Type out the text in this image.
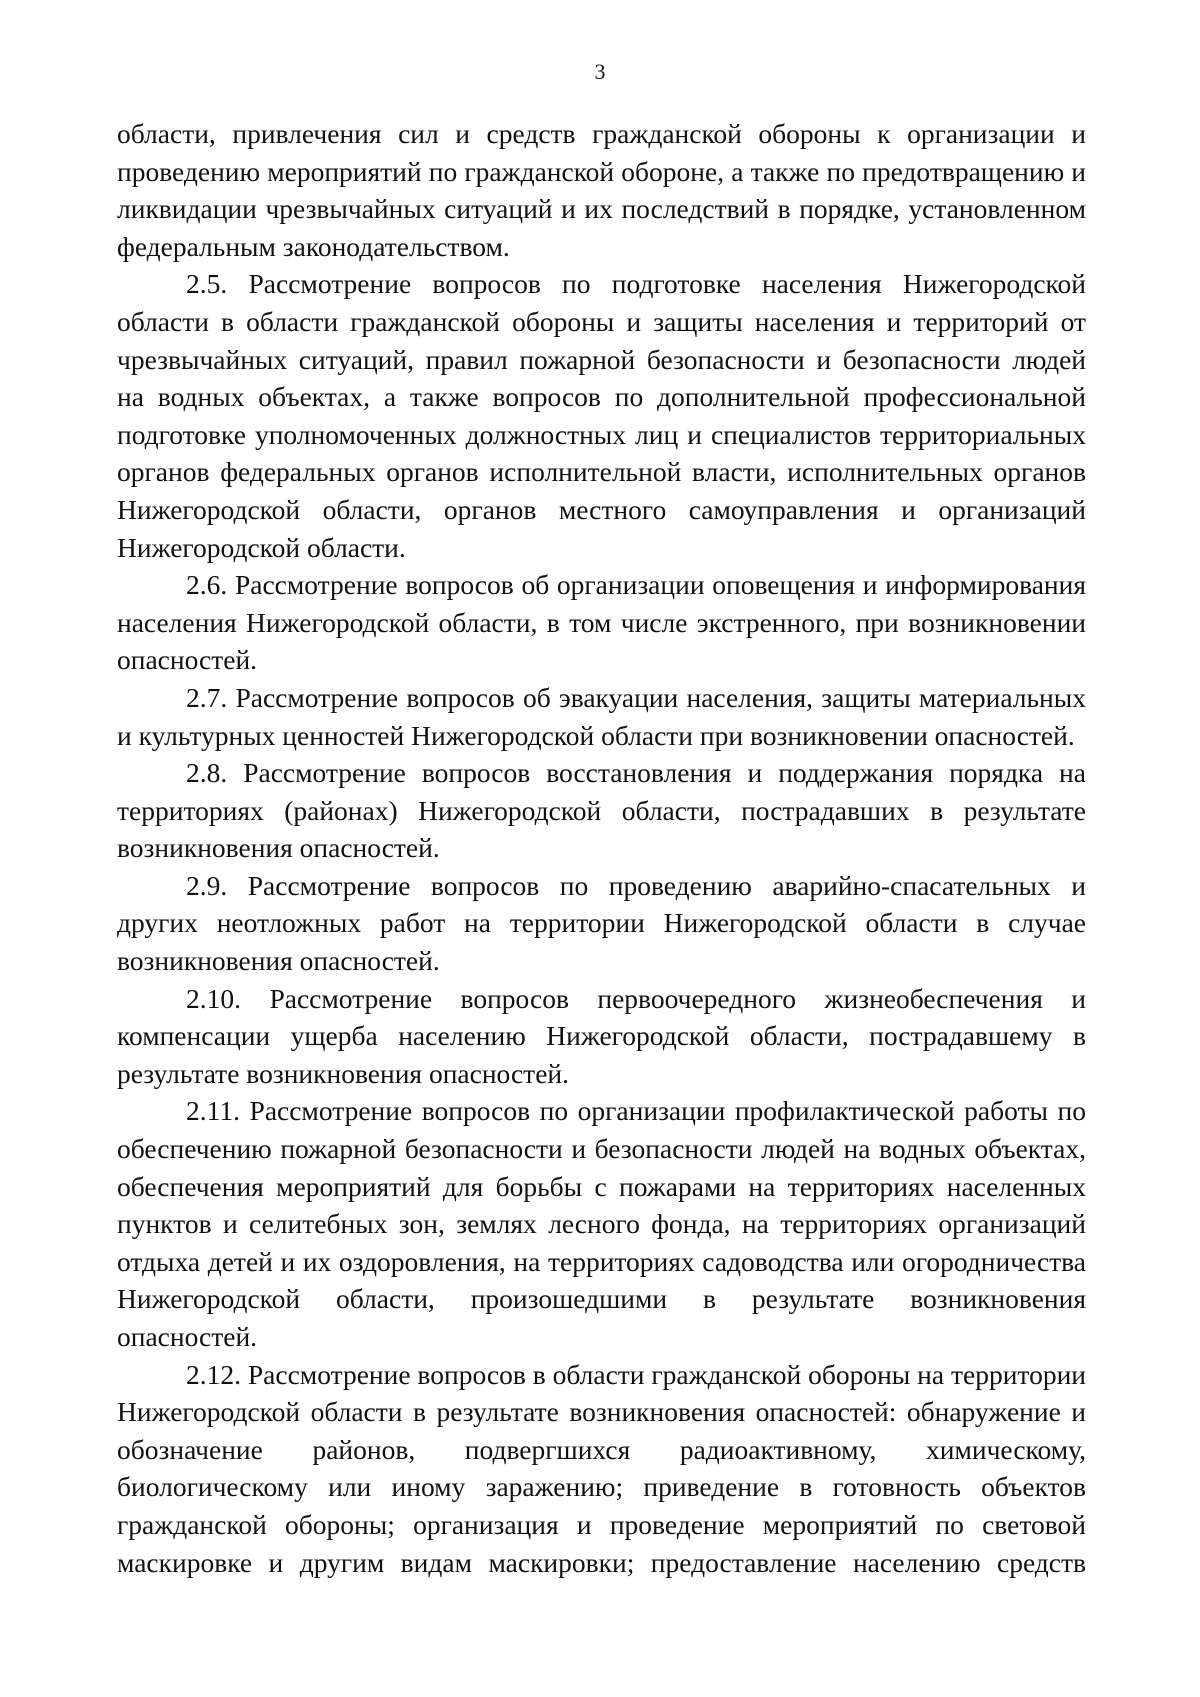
3

области, привлечения сил и средств гражданской обороны к организации и проведению мероприятий по гражданской обороне, а также по предотвращению и ликвидации чрезвычайных ситуаций и их последствий в порядке, установленном федеральным законодательством.

2.5. Рассмотрение вопросов по подготовке населения Нижегородской области в области гражданской обороны и защиты населения и территорий от чрезвычайных ситуаций, правил пожарной безопасности и безопасности людей на водных объектах, а также вопросов по дополнительной профессиональной подготовке уполномоченных должностных лиц и специалистов территориальных органов федеральных органов исполнительной власти, исполнительных органов Нижегородской области, органов местного самоуправления и организаций Нижегородской области.

2.6. Рассмотрение вопросов об организации оповещения и информирования населения Нижегородской области, в том числе экстренного, при возникновении опасностей.

2.7. Рассмотрение вопросов об эвакуации населения, защиты материальных и культурных ценностей Нижегородской области при возникновении опасностей.

2.8. Рассмотрение вопросов восстановления и поддержания порядка на территориях (районах) Нижегородской области, пострадавших в результате возникновения опасностей.

2.9. Рассмотрение вопросов по проведению аварийно-спасательных и других неотложных работ на территории Нижегородской области в случае возникновения опасностей.

2.10. Рассмотрение вопросов первоочередного жизнеобеспечения и компенсации ущерба населению Нижегородской области, пострадавшему в результате возникновения опасностей.

2.11. Рассмотрение вопросов по организации профилактической работы по обеспечению пожарной безопасности и безопасности людей на водных объектах, обеспечения мероприятий для борьбы с пожарами на территориях населенных пунктов и селитебных зон, землях лесного фонда, на территориях организаций отдыха детей и их оздоровления, на территориях садоводства или огородничества Нижегородской области, произошедшими в результате возникновения опасностей.

2.12. Рассмотрение вопросов в области гражданской обороны на территории Нижегородской области в результате возникновения опасностей: обнаружение и обозначение районов, подвергшихся радиоактивному, химическому, биологическому или иному заражению; приведение в готовность объектов гражданской обороны; организация и проведение мероприятий по световой маскировке и другим видам маскировки; предоставление населению средств
